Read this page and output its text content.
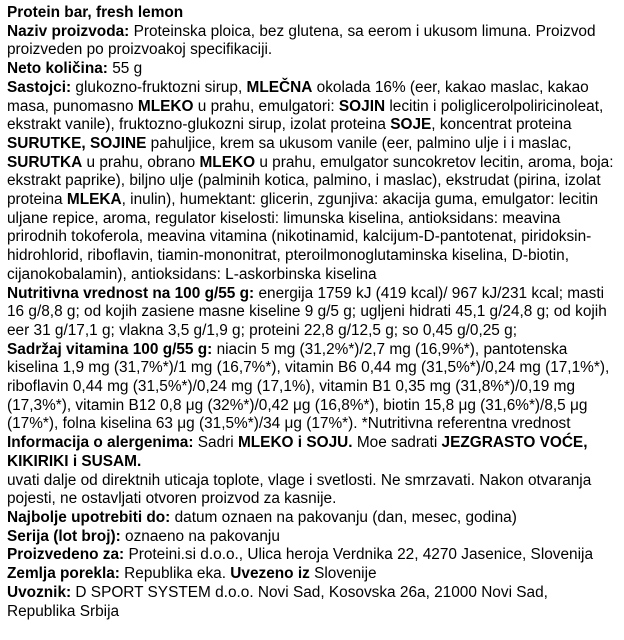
Protein bar, fresh lemon

Naziv proizvoda: Proteinska ploica, bez glutena, sa eerom i ukusom limuna. Proizvod proizveden po proizvoakoj specifikaciji.

Neto količina: 55 g

Sastojci: glukozno-fruktozni sirup, MLEČNA okolada 16% (eer, kakao maslac, kakao masa, punomasno MLEKO u prahu, emulgatori: SOJIN lecitin i poliglicerolpoliricinoleat, ekstrakt vanile), fruktozno-glukozni sirup, izolat proteina SOJE, koncentrat proteina SURUTKE, SOJINE pahuljice, krem sa ukusom vanile (eer, palmino ulje i i maslac, SURUTKA u prahu, obrano MLEKO u prahu, emulgator suncokretov lecitin, aroma, boja: ekstrakt paprike), biljno ulje (palminih kotica, palmino, i maslac), ekstrudat (pirina, izolat proteina MLEKA, inulin), humektant: glicerin, zgunjiva: akacija guma, emulgator: lecitin uljane repice, aroma, regulator kiselosti: limunska kiselina, antioksidans: meavina prirodnih tokoferola, meavina vitamina (nikotinamid, kalcijum-D-pantotenat, piridoksin-hidrohlorid, riboflavin, tiamin-mononitrat, pteroilmonoglutaminska kiselina, D-biotin, cijanokobalamin), antioksidans: L-askorbinska kiselina

Nutritivna vrednost na 100 g/55 g: energija 1759 kJ (419 kcal)/ 967 kJ/231 kcal; masti 16 g/8,8 g; od kojih zasiene masne kiseline 9 g/5 g; ugljeni hidrati 45,1 g/24,8 g; od kojih eer 31 g/17,1 g; vlakna 3,5 g/1,9 g; proteini 22,8 g/12,5 g; so 0,45 g/0,25 g;

Sadržaj vitamina 100 g/55 g: niacin 5 mg (31,2%*)/2,7 mg (16,9%*), pantotenska kiselina 1,9 mg (31,7%*)/1 mg (16,7%*), vitamin B6 0,44 mg (31,5%*)/0,24 mg (17,1%*), riboflavin 0,44 mg (31,5%*)/0,24 mg (17,1%), vitamin B1 0,35 mg (31,8%*)/0,19 mg (17,3%*), vitamin B12 0,8 μg (32%*)/0,42 μg (16,8%*), biotin 15,8 μg (31,6%*)/8,5 μg (17%*), folna kiselina 63 μg (31,5%*)/34 μg (17%*). *Nutritivna referentna vrednost

Informacija o alergenima: Sadri MLEKO i SOJU. Moe sadrati JEZGRASTO VOĆE, KIKIRIKI i SUSAM.

uvati dalje od direktnih uticaja toplote, vlage i svetlosti. Ne smrzavati. Nakon otvaranja pojesti, ne ostavljati otvoren proizvod za kasnije.

Najbolje upotrebiti do: datum oznaen na pakovanju (dan, mesec, godina)

Serija (lot broj): oznaeno na pakovanju

Proizvedeno za: Proteini.si d.o.o., Ulica heroja Verdnika 22, 4270 Jasenice, Slovenija

Zemlja porekla: Republika eka. Uvezeno iz Slovenije

Uvoznik: D SPORT SYSTEM d.o.o. Novi Sad, Kosovska 26a, 21000 Novi Sad, Republika Srbija
